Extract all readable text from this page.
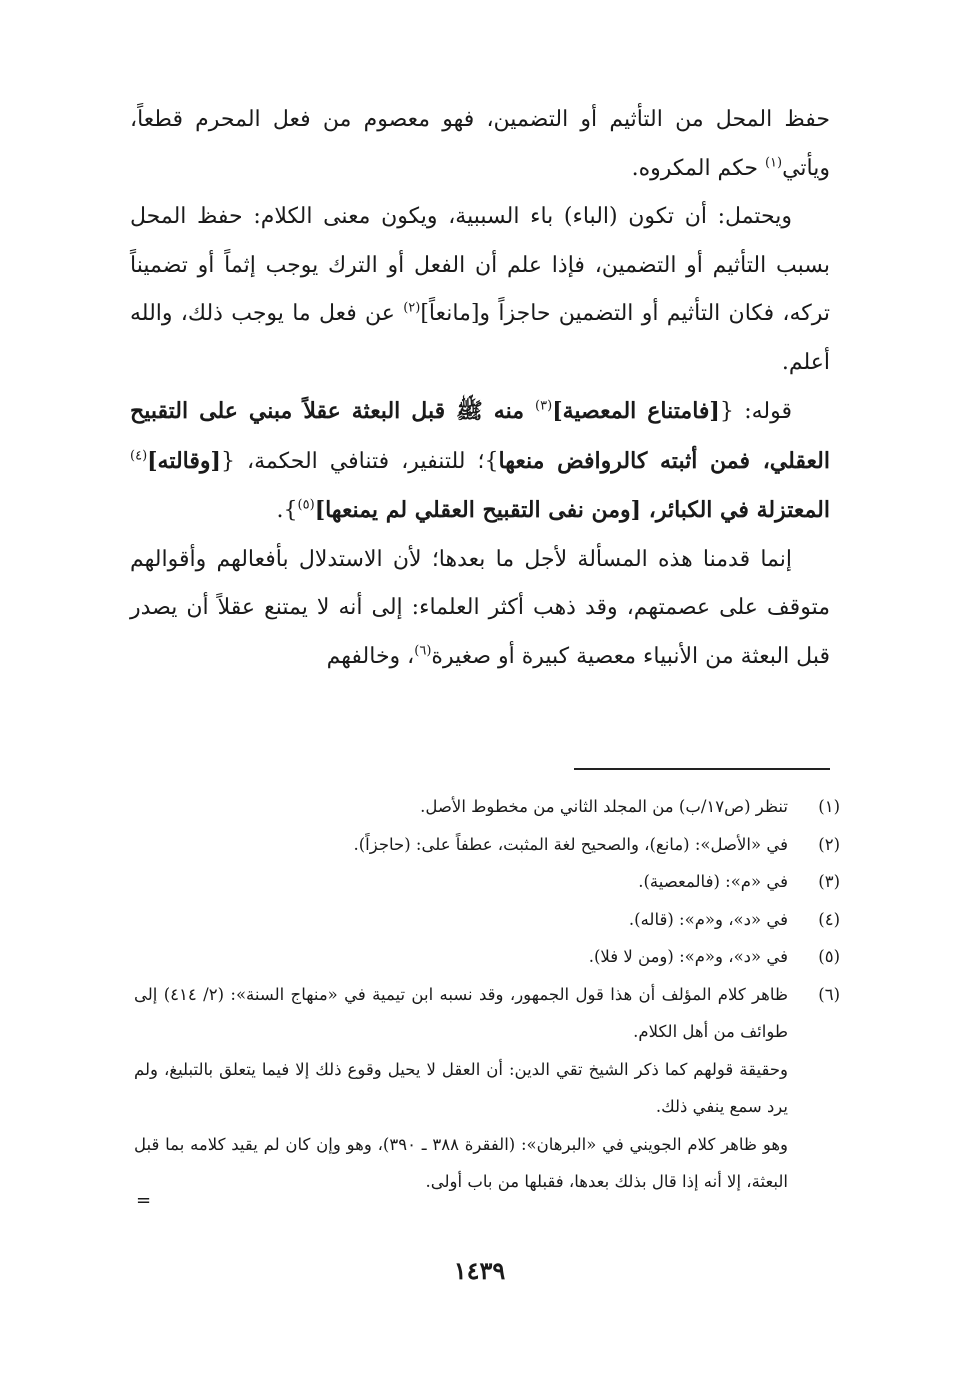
حفظ المحل من التأثيم أو التضمين، فهو معصوم من فعل المحرم قطعاً، ويأتي$^{(١)}$ حكم المكروه.

ويحتمل: أن تكون (الباء) باء السببية، ويكون معنى الكلام: حفظ المحل بسبب التأثيم أو التضمين، فإذا علم أن الفعل أو الترك يوجب إثماً أو تضميناً تركه، فكان التأثيم أو التضمين حاجزاً و[مانعاً]$^{(٢)}$ عن فعل ما يوجب ذلك، والله أعلم.

قوله: {[فامتناع المعصية]$^{(٣)}$ منه ﷺ قبل البعثة عقلاً مبني على التقبيح العقلي، فمن أثبته كالروافض منعها}؛ للتنفير، فتنافي الحكمة، {[وقالته]$^{(٤)}$ المعتزلة في الكبائر، [ومن نفى التقبيح العقلي لم يمنعها]$^{(٥)}$}.

إنما قدمنا هذه المسألة لأجل ما بعدها؛ لأن الاستدلال بأفعالهم وأقوالهم متوقف على عصمتهم، وقد ذهب أكثر العلماء: إلى أنه لا يمتنع عقلاً أن يصدر قبل البعثة من الأنبياء معصية كبيرة أو صغيرة$^{(٦)}$، وخالفهم

(١)
تنظر (ص١٧/ب) من المجلد الثاني من مخطوط الأصل.
(٢)
في «الأصل»: (مانع)، والصحيح لغة المثبت، عطفاً على: (حاجزاً).
(٣)
في «م»: (فالمعصية).
(٤)
في «د»، و«م»: (قاله).
(٥)
في «د»، و«م»: (ومن لا فلا).
(٦)
ظاهر كلام المؤلف أن هذا قول الجمهور، وقد نسبه ابن تيمية في «منهاج السنة»: (٢/ ٤١٤) إلى طوائف من أهل الكلام.
وحقيقة قولهم كما ذكر الشيخ تقي الدين: أن العقل لا يحيل وقوع ذلك إلا فيما يتعلق بالتبليغ، ولم يرد سمع ينفي ذلك.
وهو ظاهر كلام الجويني في «البرهان»: (الفقرة ٣٨٨ ـ ٣٩٠)، وهو وإن كان لم يقيد كلامه بما قبل البعثة، إلا أنه إذا قال بذلك بعدها، فقبلها من باب أولى.
=
١٤٣٩
